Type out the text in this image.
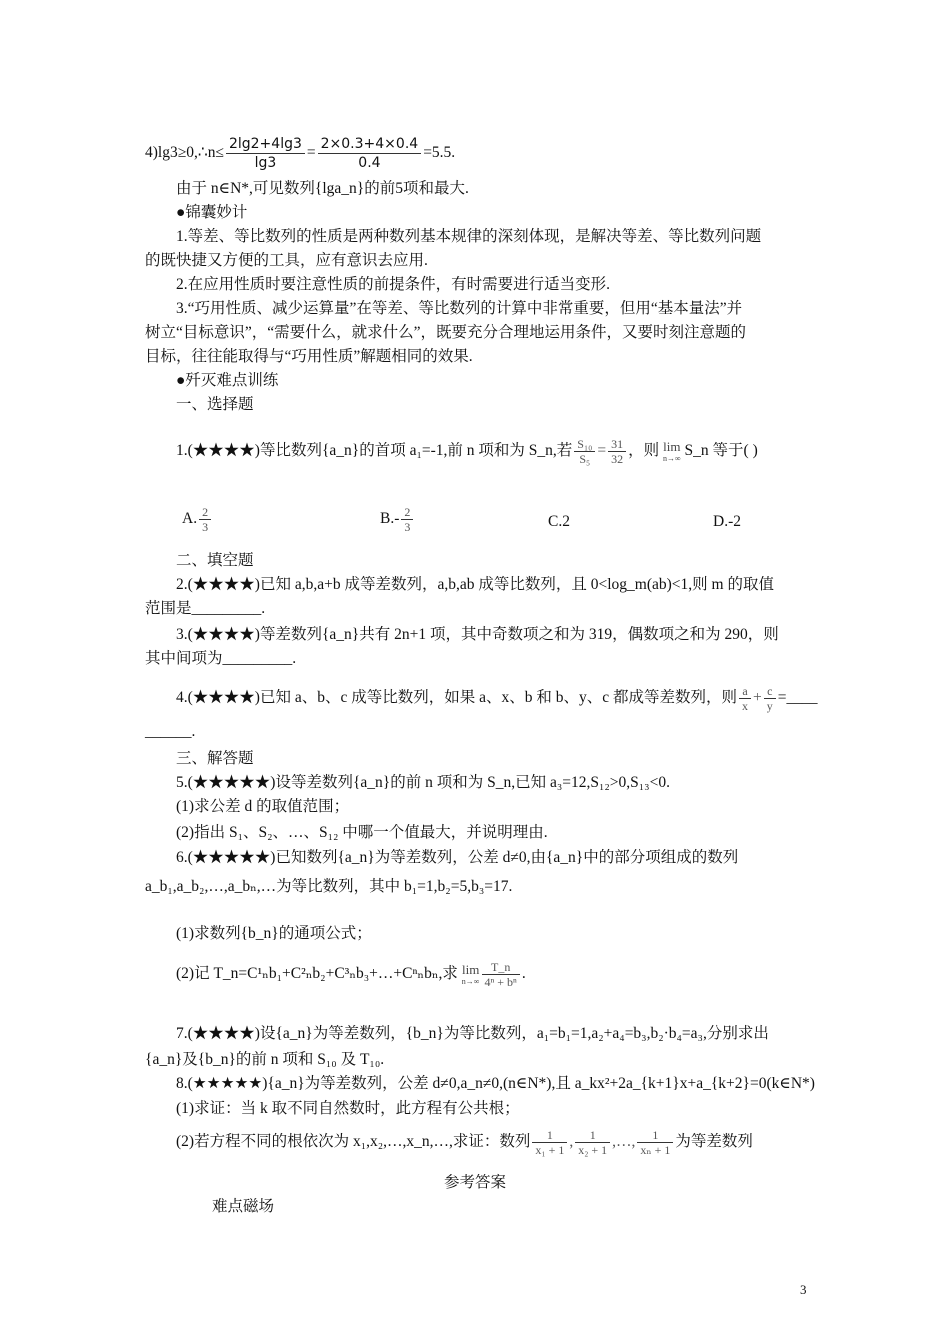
4)lg3≥0,∴n≤ $\frac{2\lg 2+4\lg 3}{\lg 3} = \frac{2\times 0.3+4\times 0.4}{0.4} =5.5$.
由于 n∈N*,可见数列{lga_n}的前5项和最大.
●锦囊妙计
1.等差、等比数列的性质是两种数列基本规律的深刻体现，是解决等差、等比数列问题
的既快捷又方便的工具，应有意识去应用.
2.在应用性质时要注意性质的前提条件，有时需要进行适当变形.
3.“巧用性质、减少运算量”在等差、等比数列的计算中非常重要，但用“基本量法”并
树立“目标意识”，“需要什么，就求什么”，既要充分合理地运用条件，又要时刻注意题的
目标，往往能取得与“巧用性质”解题相同的效果.
●歼灭难点训练
一、选择题
1.(★★★★)等比数列{a_n}的首项 a₁=-1,前 n 项和为 S_n,若 $\frac{\text{S₁₀}}{\text{S₅}} = \frac{31}{32}$ ，则 lim
n→∞ S_n 等于( )
A. $\frac{2}{3}$	$B.- \frac{2}{3}$	C.2	D.-2
二、填空题
2.(★★★★)已知 a,b,a+b 成等差数列，a,b,ab 成等比数列，且 0<log_m(ab)<1,则 m 的取值
范围是_________.
3.(★★★★)等差数列{a_n}共有 2n+1 项，其中奇数项之和为 319，偶数项之和为 290，则
其中间项为_________.
4.(★★★★)已知 a、b、c 成等比数列，如果 a、x、b 和 b、y、c 都成等差数列，则 $\frac{a}{x} + \frac{c}{y}$ =____
______.
三、解答题
5.(★★★★★)设等差数列{a_n}的前 n 项和为 S_n,已知 a₃=12,S₁₂>0,S₁₃<0.
(1)求公差 d 的取值范围；
(2)指出 S₁、S₂、…、S₁₂ 中哪一个值最大，并说明理由.
6.(★★★★★)已知数列{a_n}为等差数列，公差 d≠0,由{a_n}中的部分项组成的数列
a_b₁,a_b₂,…,a_bₙ,…为等比数列，其中 b₁=1,b₂=5,b₃=17.
(1)求数列{b_n}的通项公式；
(2)记 T_n=C¹ₙb₁+C²ₙb₂+C³ₙb₃+…+Cⁿₙbₙ,求 lim
$n\to\infty \frac{T\_n}{\text{4ⁿ + bⁿ}}$ .
7.(★★★★)设{a_n}为等差数列，{b_n}为等比数列，a₁=b₁=1,a₂+a₄=b₃,b₂·b₄=a₃,分别求出
{a_n}及{b_n}的前 n 项和 S₁₀ 及 T₁₀.
8.(★★★★★){a_n}为等差数列，公差 d≠0,a_n≠0,(n∈N*),且 a_kx²+2a_{k+1}x+a_{k+2}=0(k∈N*)
(1)求证：当 k 取不同自然数时，此方程有公共根；
(2)若方程不同的根依次为 x₁,x₂,…,x_n,…,求证：数列 $\frac{1}{\text{x₁ + 1}}$ , $\frac{1}{\text{x₂ + 1}}$ ,…, $\frac{1}{\text{xₙ + 1}}$ 为等差数列
参考答案
难点磁场
3
